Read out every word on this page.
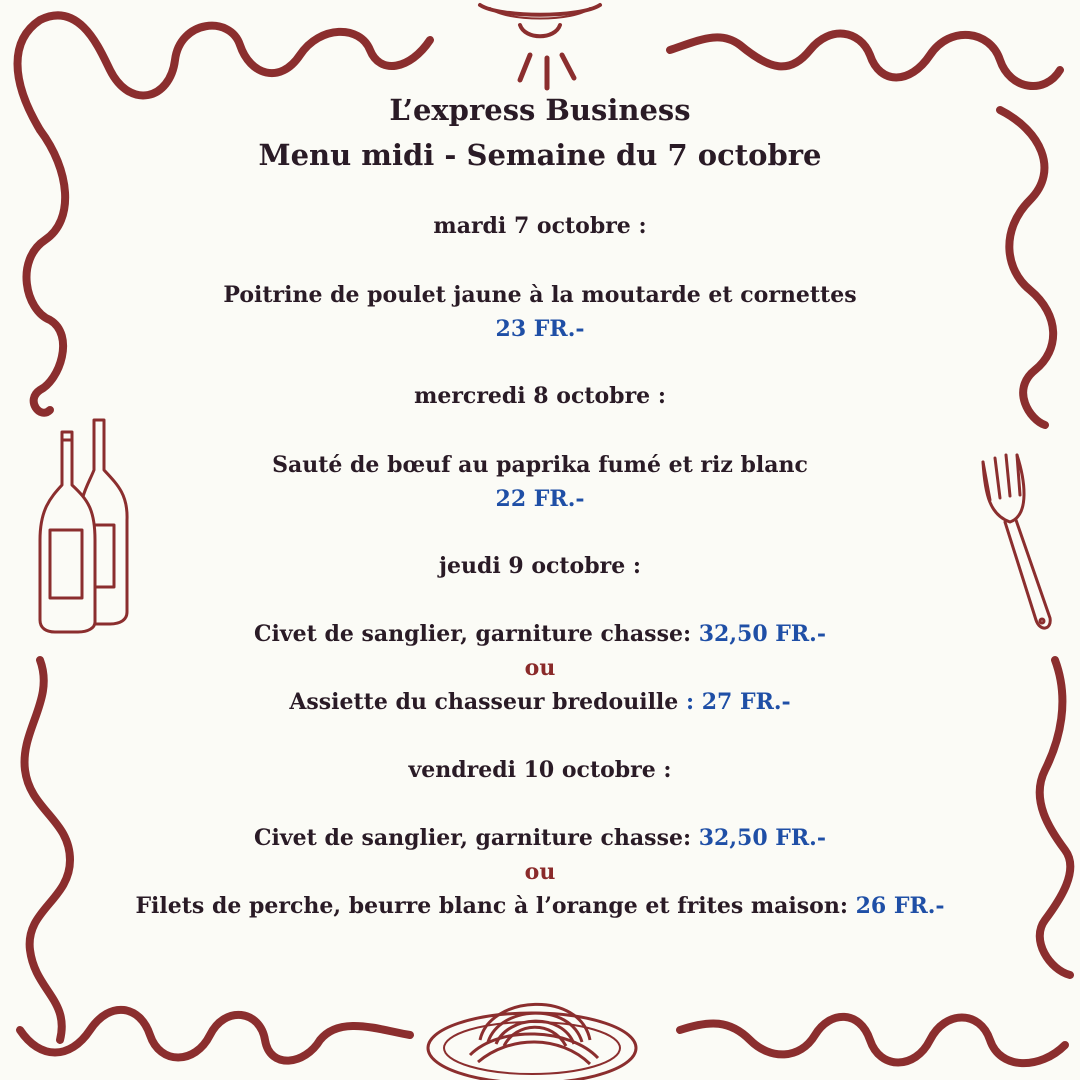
L’express Business
Menu midi - Semaine du 7 octobre
mardi 7 octobre :
Poitrine de poulet jaune à la moutarde et cornettes
23 FR.-
mercredi 8 octobre :
Sauté de bœuf au paprika fumé et riz blanc
22 FR.-
jeudi 9 octobre :
Civet de sanglier, garniture chasse: 32,50 FR.-
ou
Assiette du chasseur bredouille : 27 FR.-
vendredi 10 octobre :
Civet de sanglier, garniture chasse: 32,50 FR.-
ou
Filets de perche, beurre blanc à l’orange et frites maison: 26 FR.-
